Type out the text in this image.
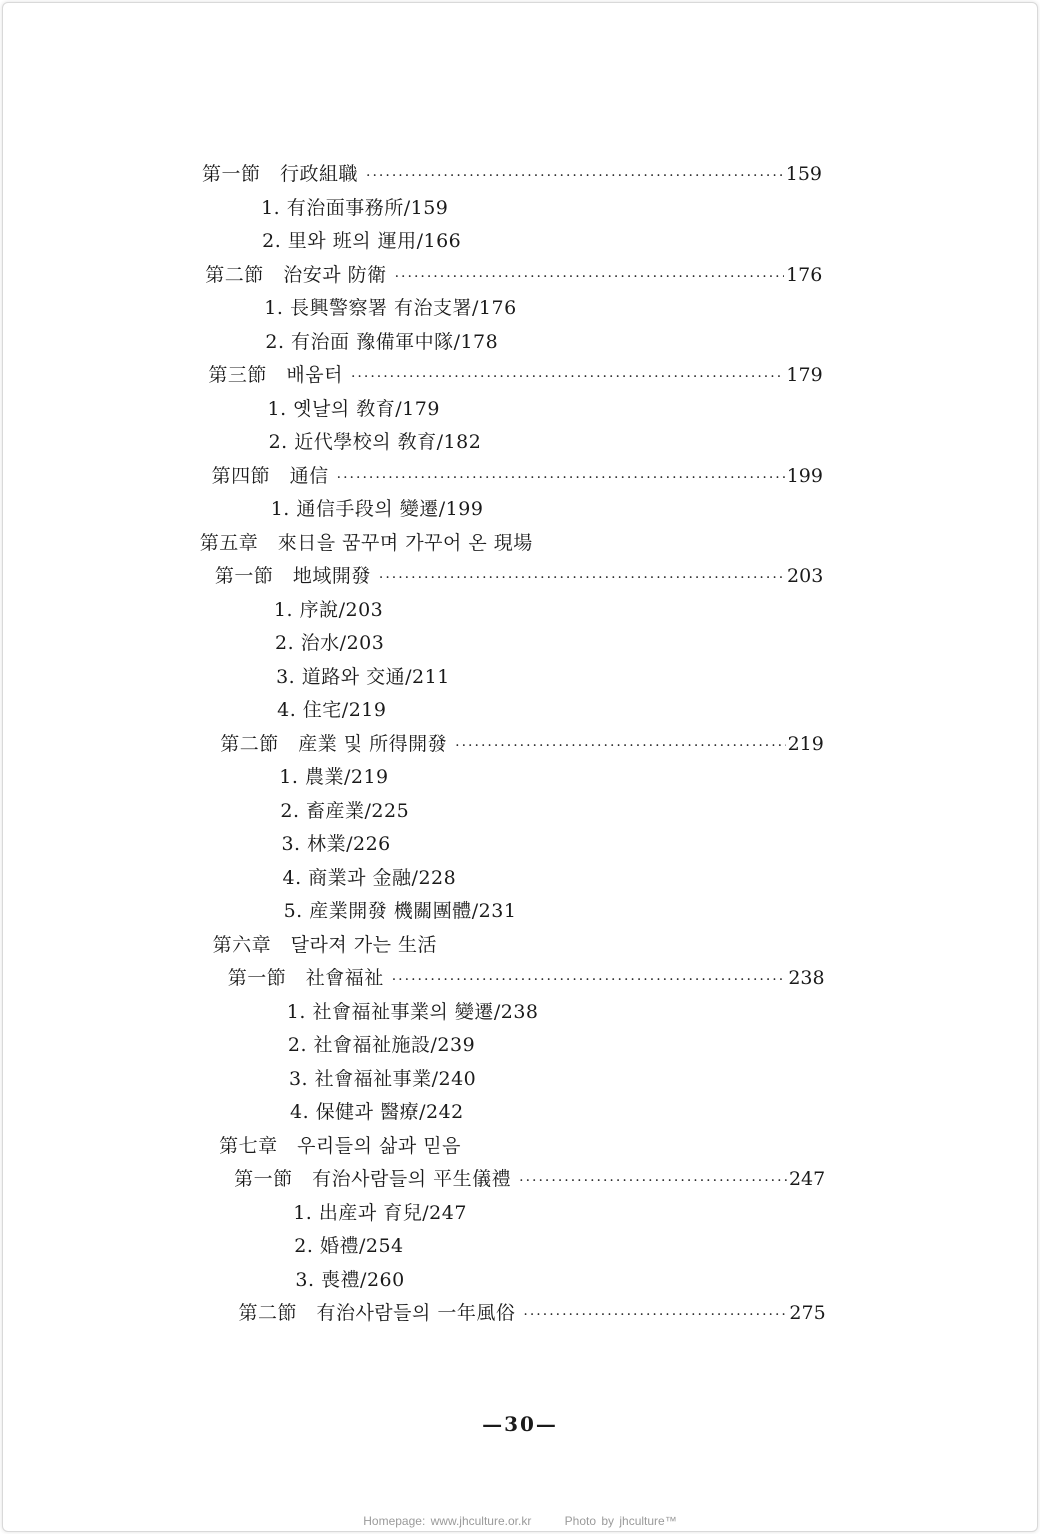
第一節　行政組職 ·····	159
1. 有治面事務所/159
2. 里와 班의 運用/166
第二節　治安과 防衛 ·····	176
1. 長興警察署 有治支署/176
2. 有治面 豫備軍中隊/178
第三節　배움터 ·····	179
1. 옛날의 敎育/179
2. 近代學校의 敎育/182
第四節　通信 ·····	199
1. 通信手段의 變遷/199
第五章　來日을 꿈꾸며 가꾸어 온 現場
第一節　地域開發 ·····	203
1. 序說/203
2. 治水/203
3. 道路와 交通/211
4. 住宅/219
第二節　産業 및 所得開發 ·····	219
1. 農業/219
2. 畜産業/225
3. 林業/226
4. 商業과 金融/228
5. 産業開發 機關團體/231
第六章　달라져 가는 生活
第一節　社會福祉 ·····	238
1. 社會福祉事業의 變遷/238
2. 社會福祉施設/239
3. 社會福祉事業/240
4. 保健과 醫療/242
第七章　우리들의 삶과 믿음
第一節　有治사람들의 平生儀禮 ·····	247
1. 出産과 育兒/247
2. 婚禮/254
3. 喪禮/260
第二節　有治사람들의 一年風俗 ·····	275
—30—
Homepage: www.jhculture.or.kr	Photo by jhculture™
